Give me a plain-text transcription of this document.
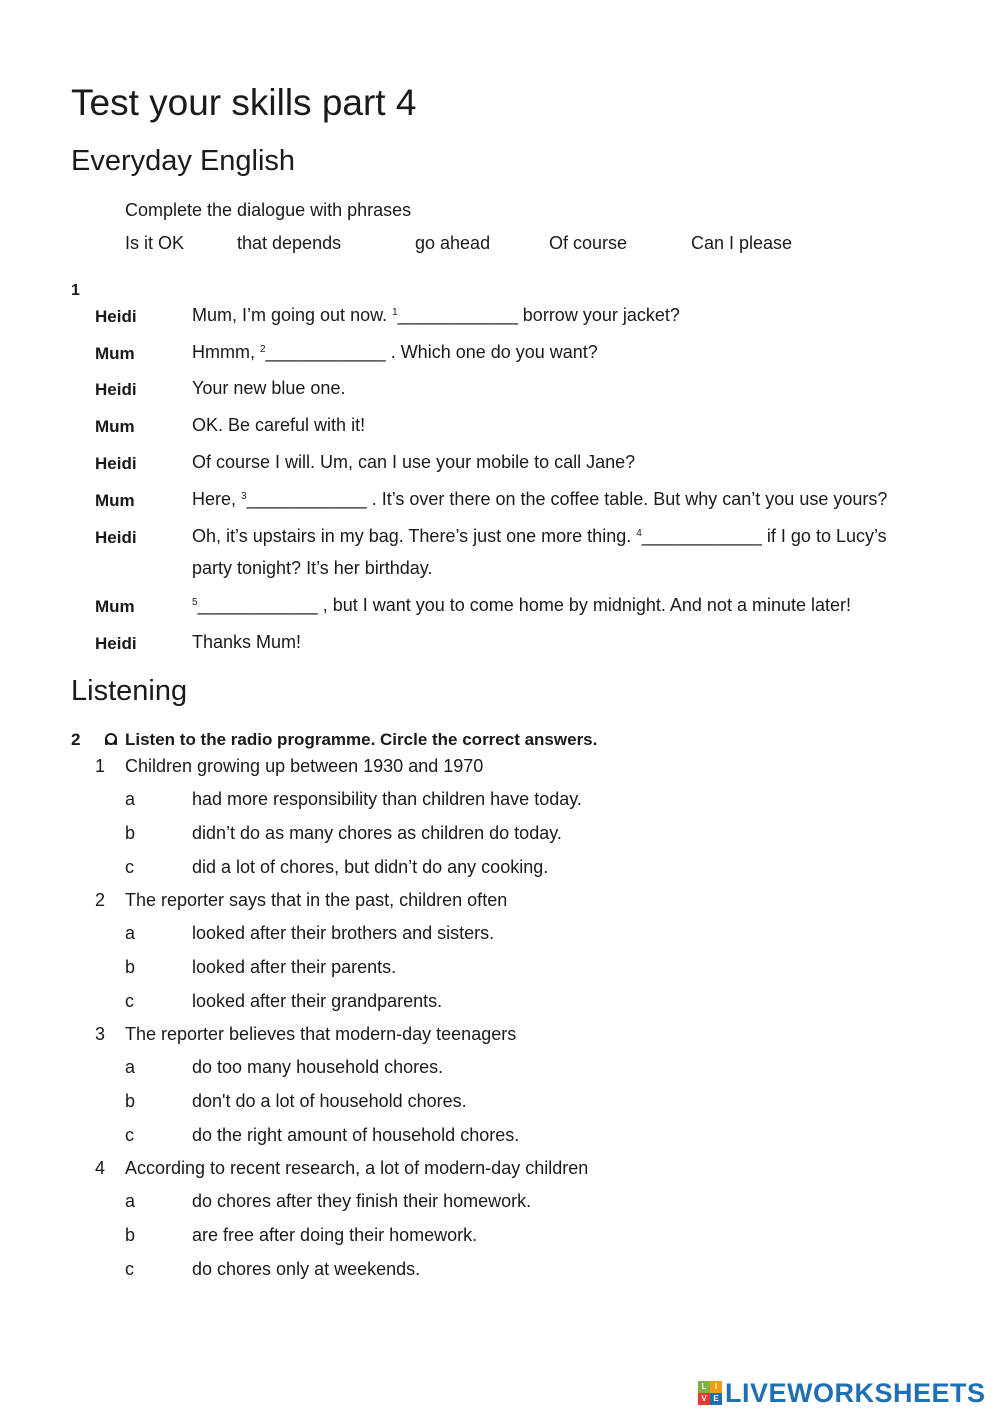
Test your skills part 4
Everyday English
Complete the dialogue with phrases
Is it OK	that depends	go ahead	Of course	Can I please
1
Heidi	Mum, I’m going out now. $^1$____________ borrow your jacket?
Mum	Hmmm, $^2$____________ . Which one do you want?
Heidi	Your new blue one.
Mum	OK. Be careful with it!
Heidi	Of course I will. Um, can I use your mobile to call Jane?
Mum	Here, $^3$____________ . It’s over there on the coffee table. But why can’t you use yours?
Heidi	Oh, it’s upstairs in my bag. There’s just one more thing. $^4$____________ if I go to Lucy’s
party tonight? It’s her birthday.
Mum	$^5$____________ , but I want you to come home by midnight. And not a minute later!
Heidi	Thanks Mum!
Listening
2	Listen to the radio programme. Circle the correct answers.
1 Children growing up between 1930 and 1970
a	had more responsibility than children have today.
b	didn’t do as many chores as children do today.
c	did a lot of chores, but didn’t do any cooking.
2 The reporter says that in the past, children often
a	looked after their brothers and sisters.
b	looked after their parents.
c	looked after their grandparents.
3 The reporter believes that modern-day teenagers
a	do too many household chores.
b	don't do a lot of household chores.
c	do the right amount of household chores.
4 According to recent research, a lot of modern-day children
a	do chores after they finish their homework.
b	are free after doing their homework.
c	do chores only at weekends.
L	I
V E LIVEWORKSHEETS
